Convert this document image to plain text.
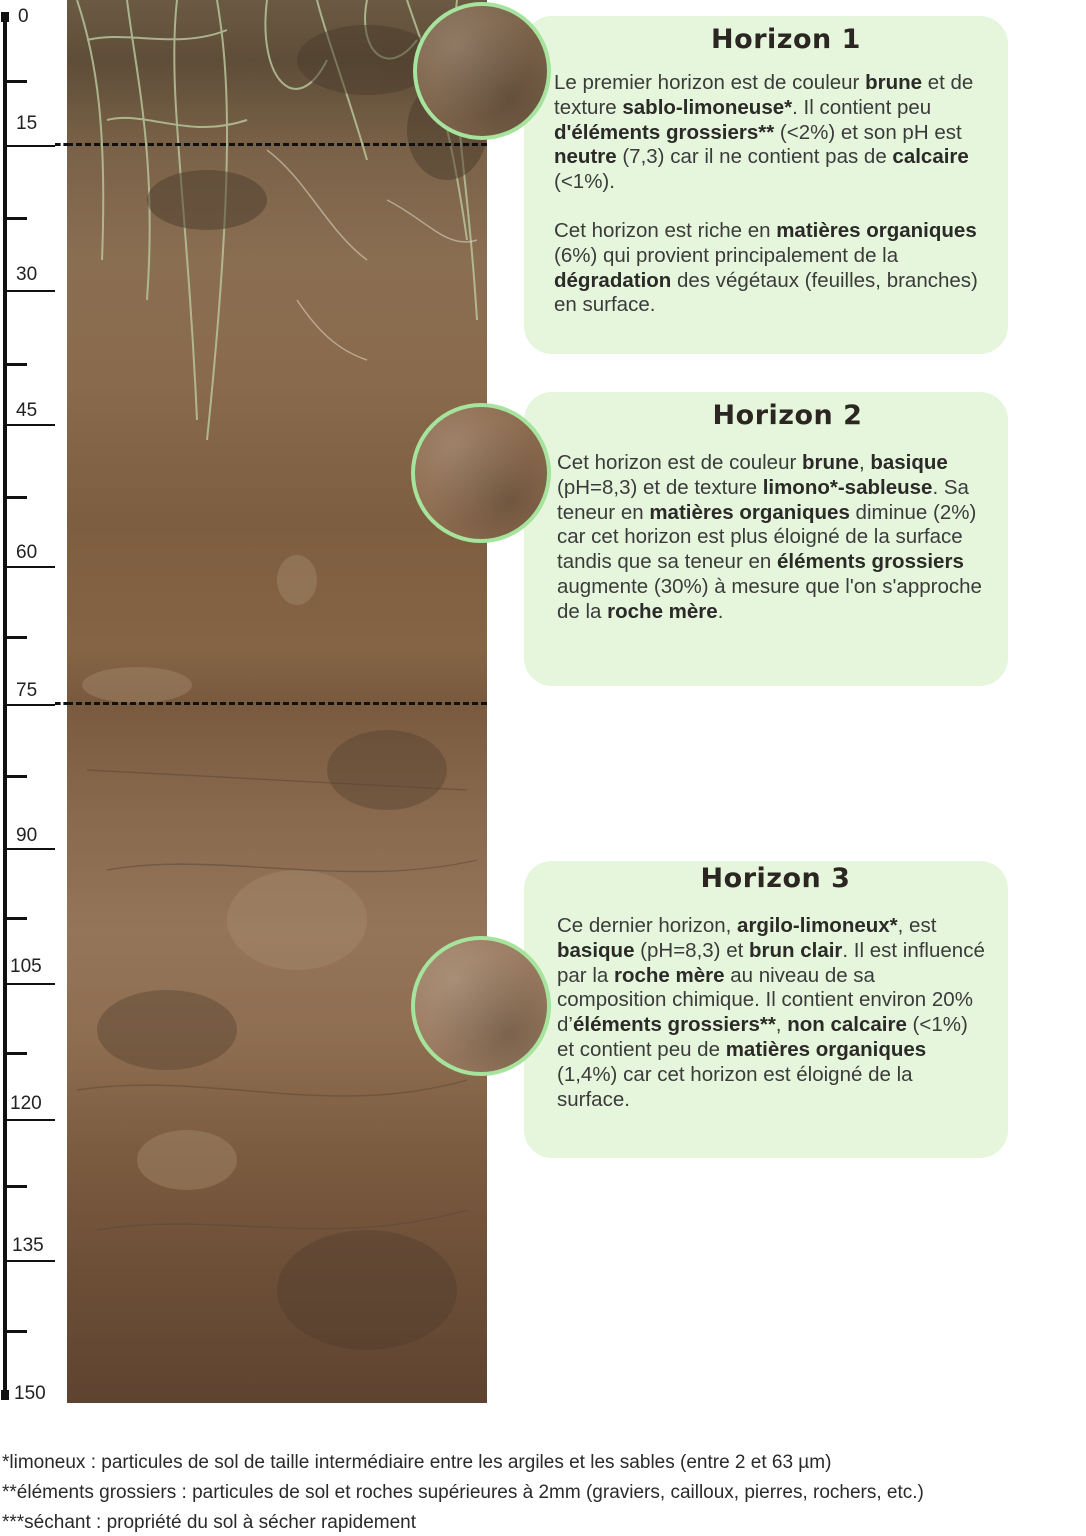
0
15
30
45
60
75
90
105
120
135
150
Horizon 1

Le premier horizon est de couleur brune et de texture sablo-limoneuse*. Il contient peu d'éléments grossiers** (<2%) et son pH est neutre (7,3) car il ne contient pas de calcaire (<1%).

Cet horizon est riche en matières organiques (6%) qui provient principalement de la dégradation des végétaux (feuilles, branches) en surface.

Horizon 2

Cet horizon est de couleur brune, basique (pH=8,3) et de texture limono*-sableuse. Sa teneur en matières organiques diminue (2%) car cet horizon est plus éloigné de la surface tandis que sa teneur en éléments grossiers augmente (30%) à mesure que l'on s'approche de la roche mère.

Horizon 3

Ce dernier horizon, argilo-limoneux*, est basique (pH=8,3) et brun clair. Il est influencé par la roche mère au niveau de sa composition chimique. Il contient environ 20% d’éléments grossiers**, non calcaire (<1%) et contient peu de matières organiques (1,4%) car cet horizon est éloigné de la surface.

*limoneux : particules de sol de taille intermédiaire entre les argiles et les sables (entre 2 et 63 µm)
**éléments grossiers : particules de sol et roches supérieures à 2mm (graviers, cailloux, pierres, rochers, etc.)
***séchant : propriété du sol à sécher rapidement
